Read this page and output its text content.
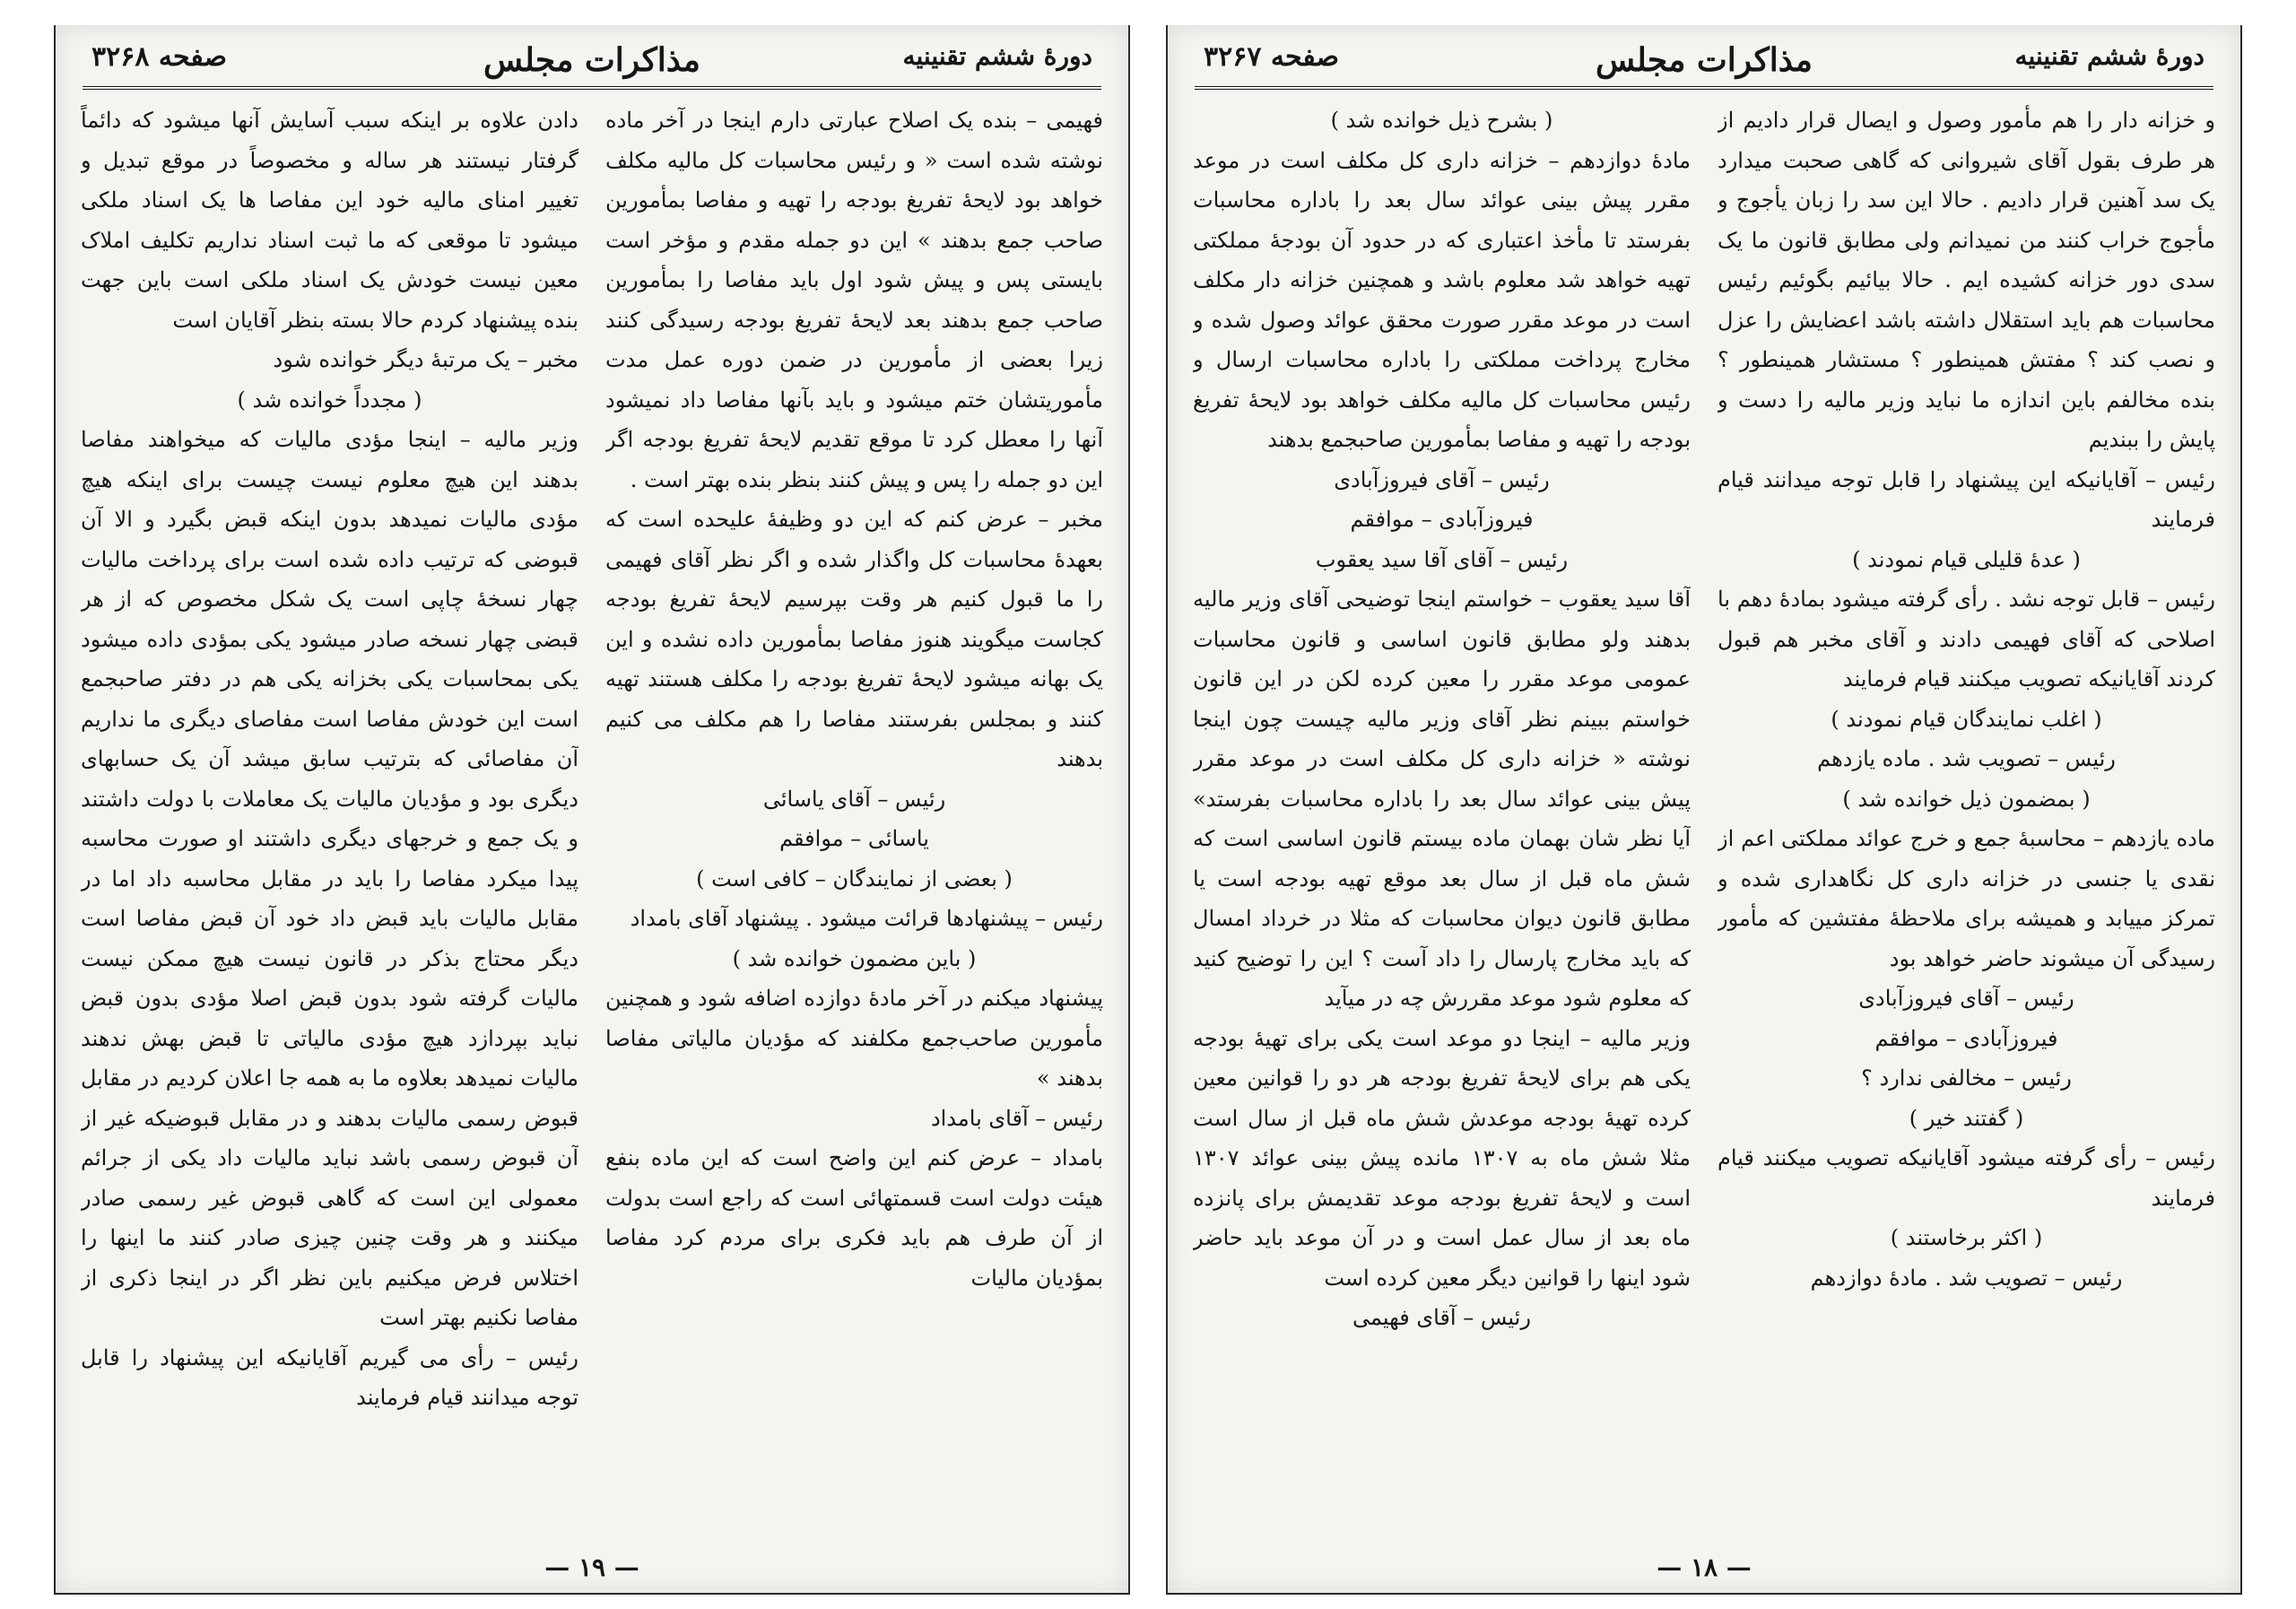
صفحه ۳۲۶۸	مذاکرات مجلس	دورهٔ ششم تقنینیه

فهیمی – بنده یک اصلاح عبارتی دارم اینجا در آخر ماده نوشته شده است « و رئیس محاسبات کل مالیه مکلف خواهد بود لایحهٔ تفریغ بودجه را تهیه و مفاصا بمأمورین صاحب جمع بدهند » این دو جمله مقدم و مؤخر است بایستی پس و پیش شود اول باید مفاصا را بمأمورین صاحب جمع بدهند بعد لایحهٔ تفریغ بودجه رسیدگی کنند زیرا بعضی از مأمورین در ضمن دوره عمل مدت مأموریتشان ختم میشود و باید بآنها مفاصا داد نمیشود آنها را معطل کرد تا موقع تقدیم لایحهٔ تفریغ بودجه اگر این دو جمله را پس و پیش کنند بنظر بنده بهتر است .

مخبر – عرض کنم که این دو وظیفهٔ علیحده است که بعهدهٔ محاسبات کل واگذار شده و اگر نظر آقای فهیمی را ما قبول کنیم هر وقت بپرسیم لایحهٔ تفریغ بودجه کجاست میگویند هنوز مفاصا بمأمورین داده نشده و این یک بهانه میشود لایحهٔ تفریغ بودجه را مکلف هستند تهیه کنند و بمجلس بفرستند مفاصا را هم مکلف می کنیم بدهند

رئیس – آقای یاسائی

یاسائی – موافقم

( بعضی از نمایندگان – کافی است )

رئیس – پیشنهادها قرائت میشود . پیشنهاد آقای بامداد

( باین مضمون خوانده شد )

پیشنهاد میکنم در آخر مادهٔ دوازده اضافه شود و همچنین مأمورین صاحب‌جمع مکلفند که مؤدیان مالیاتی مفاصا بدهند »

رئیس – آقای بامداد

بامداد – عرض کنم این واضح است که این ماده بنفع هیئت دولت است قسمتهائی است که راجع است بدولت از آن طرف هم باید فکری برای مردم کرد مفاصا بمؤدیان مالیات

دادن علاوه بر اینکه سبب آسایش آنها میشود که دائماً گرفتار نیستند هر ساله و مخصوصاً در موقع تبدیل و تغییر امنای مالیه خود این مفاصا ها یک اسناد ملکی میشود تا موقعی که ما ثبت اسناد نداریم تکلیف املاک معین نیست خودش یک اسناد ملکی است باین جهت بنده پیشنهاد کردم حالا بسته بنظر آقایان است

مخبر – یک مرتبهٔ دیگر خوانده شود

( مجدداً خوانده شد )

وزیر مالیه – اینجا مؤدی مالیات که میخواهند مفاصا بدهند این هیچ معلوم نیست چیست برای اینکه هیچ مؤدی مالیات نمیدهد بدون اینکه قبض بگیرد و الا آن قبوضی که ترتیب داده شده است برای پرداخت مالیات چهار نسخهٔ چاپی است یک شکل مخصوص که از هر قبضی چهار نسخه صادر میشود یکی بمؤدی داده میشود یکی بمحاسبات یکی بخزانه یکی هم در دفتر صاحبجمع است این خودش مفاصا است مفاصای دیگری ما نداریم آن مفاصائی که بترتیب سابق میشد آن یک حسابهای دیگری بود و مؤدیان مالیات یک معاملات با دولت داشتند و یک جمع و خرجهای دیگری داشتند او صورت محاسبه پیدا میکرد مفاصا را باید در مقابل محاسبه داد اما در مقابل مالیات باید قبض داد خود آن قبض مفاصا است دیگر محتاج بذکر در قانون نیست هیچ ممکن نیست مالیات گرفته شود بدون قبض اصلا مؤدی بدون قبض نباید بپردازد هیچ مؤدی مالیاتی تا قبض بهش ندهند مالیات نمیدهد بعلاوه ما به همه جا اعلان کردیم در مقابل قبوض رسمی مالیات بدهند و در مقابل قبوضیکه غیر از آن قبوض رسمی باشد نباید مالیات داد یکی از جرائم معمولی این است که گاهی قبوض غیر رسمی صادر میکنند و هر وقت چنین چیزی صادر کنند ما اینها را اختلاس فرض میکنیم باین نظر اگر در اینجا ذکری از مفاصا نکنیم بهتر است

رئیس – رأی می گیریم آقایانیکه این پیشنهاد را قابل توجه میدانند قیام فرمایند

— ۱۹ —
صفحه ۳۲۶۷	مذاکرات مجلس	دورهٔ ششم تقنینیه

و خزانه دار را هم مأمور وصول و ایصال قرار دادیم از هر طرف بقول آقای شیروانی که گاهی صحبت میدارد یک سد آهنین قرار دادیم . حالا این سد را زبان یأجوج و مأجوج خراب کنند من نمیدانم ولی مطابق قانون ما یک سدی دور خزانه کشیده ایم . حالا بیائیم بگوئیم رئیس محاسبات هم باید استقلال داشته باشد اعضایش را عزل و نصب کند ؟ مفتش همینطور ؟ مستشار همینطور ؟ بنده مخالفم باین اندازه ما نباید وزیر مالیه را دست و پایش را ببندیم

رئیس – آقایانیکه این پیشنهاد را قابل توجه میدانند قیام فرمایند

( عدهٔ قلیلی قیام نمودند )

رئیس – قابل توجه نشد . رأی گرفته میشود بمادهٔ دهم با اصلاحی که آقای فهیمی دادند و آقای مخبر هم قبول کردند آقایانیکه تصویب میکنند قیام فرمایند

( اغلب نمایندگان قیام نمودند )

رئیس – تصویب شد . ماده یازدهم

( بمضمون ذیل خوانده شد )

ماده یازدهم – محاسبهٔ جمع و خرج عوائد مملکتی اعم از نقدی یا جنسی در خزانه داری کل نگاهداری شده و تمرکز مییابد و همیشه برای ملاحظهٔ مفتشین که مأمور رسیدگی آن میشوند حاضر خواهد بود

رئیس – آقای فیروزآبادی

فیروزآبادی – موافقم

رئیس – مخالفی ندارد ؟

( گفتند خیر )

رئیس – رأی گرفته میشود آقایانیکه تصویب میکنند قیام فرمایند

( اکثر برخاستند )

رئیس – تصویب شد . مادهٔ دوازدهم

( بشرح ذیل خوانده شد )

مادهٔ دوازدهم – خزانه داری کل مکلف است در موعد مقرر پیش بینی عوائد سال بعد را باداره محاسبات بفرستد تا مأخذ اعتباری که در حدود آن بودجهٔ مملکتی تهیه خواهد شد معلوم باشد و همچنین خزانه دار مکلف است در موعد مقرر صورت محقق عوائد وصول شده و مخارج پرداخت مملکتی را باداره محاسبات ارسال و رئیس محاسبات کل مالیه مکلف خواهد بود لایحهٔ تفریغ بودجه را تهیه و مفاصا بمأمورین صاحبجمع بدهند

رئیس – آقای فیروزآبادی

فیروزآبادی – موافقم

رئیس – آقای آقا سید یعقوب

آقا سید یعقوب – خواستم اینجا توضیحی آقای وزیر مالیه بدهند ولو مطابق قانون اساسی و قانون محاسبات عمومی موعد مقرر را معین کرده لکن در این قانون خواستم ببینم نظر آقای وزیر مالیه چیست چون اینجا نوشته « خزانه داری کل مکلف است در موعد مقرر پیش بینی عوائد سال بعد را باداره محاسبات بفرستد» آیا نظر شان بهمان ماده بیستم قانون اساسی است که شش ماه قبل از سال بعد موقع تهیه بودجه است یا مطابق قانون دیوان محاسبات که مثلا در خرداد امسال که باید مخارج پارسال را داد آست ؟ این را توضیح کنید که معلوم شود موعد مقررش چه در میآید

وزیر مالیه – اینجا دو موعد است یکی برای تهیهٔ بودجه یکی هم برای لایحهٔ تفریغ بودجه هر دو را قوانین معین کرده تهیهٔ بودجه موعدش شش ماه قبل از سال است مثلا شش ماه به ۱۳۰۷ مانده پیش بینی عوائد ۱۳۰۷ است و لایحهٔ تفریغ بودجه موعد تقدیمش برای پانزده ماه بعد از سال عمل است و در آن موعد باید حاضر شود اینها را قوانین دیگر معین کرده است

رئیس – آقای فهیمی

— ۱۸ —
